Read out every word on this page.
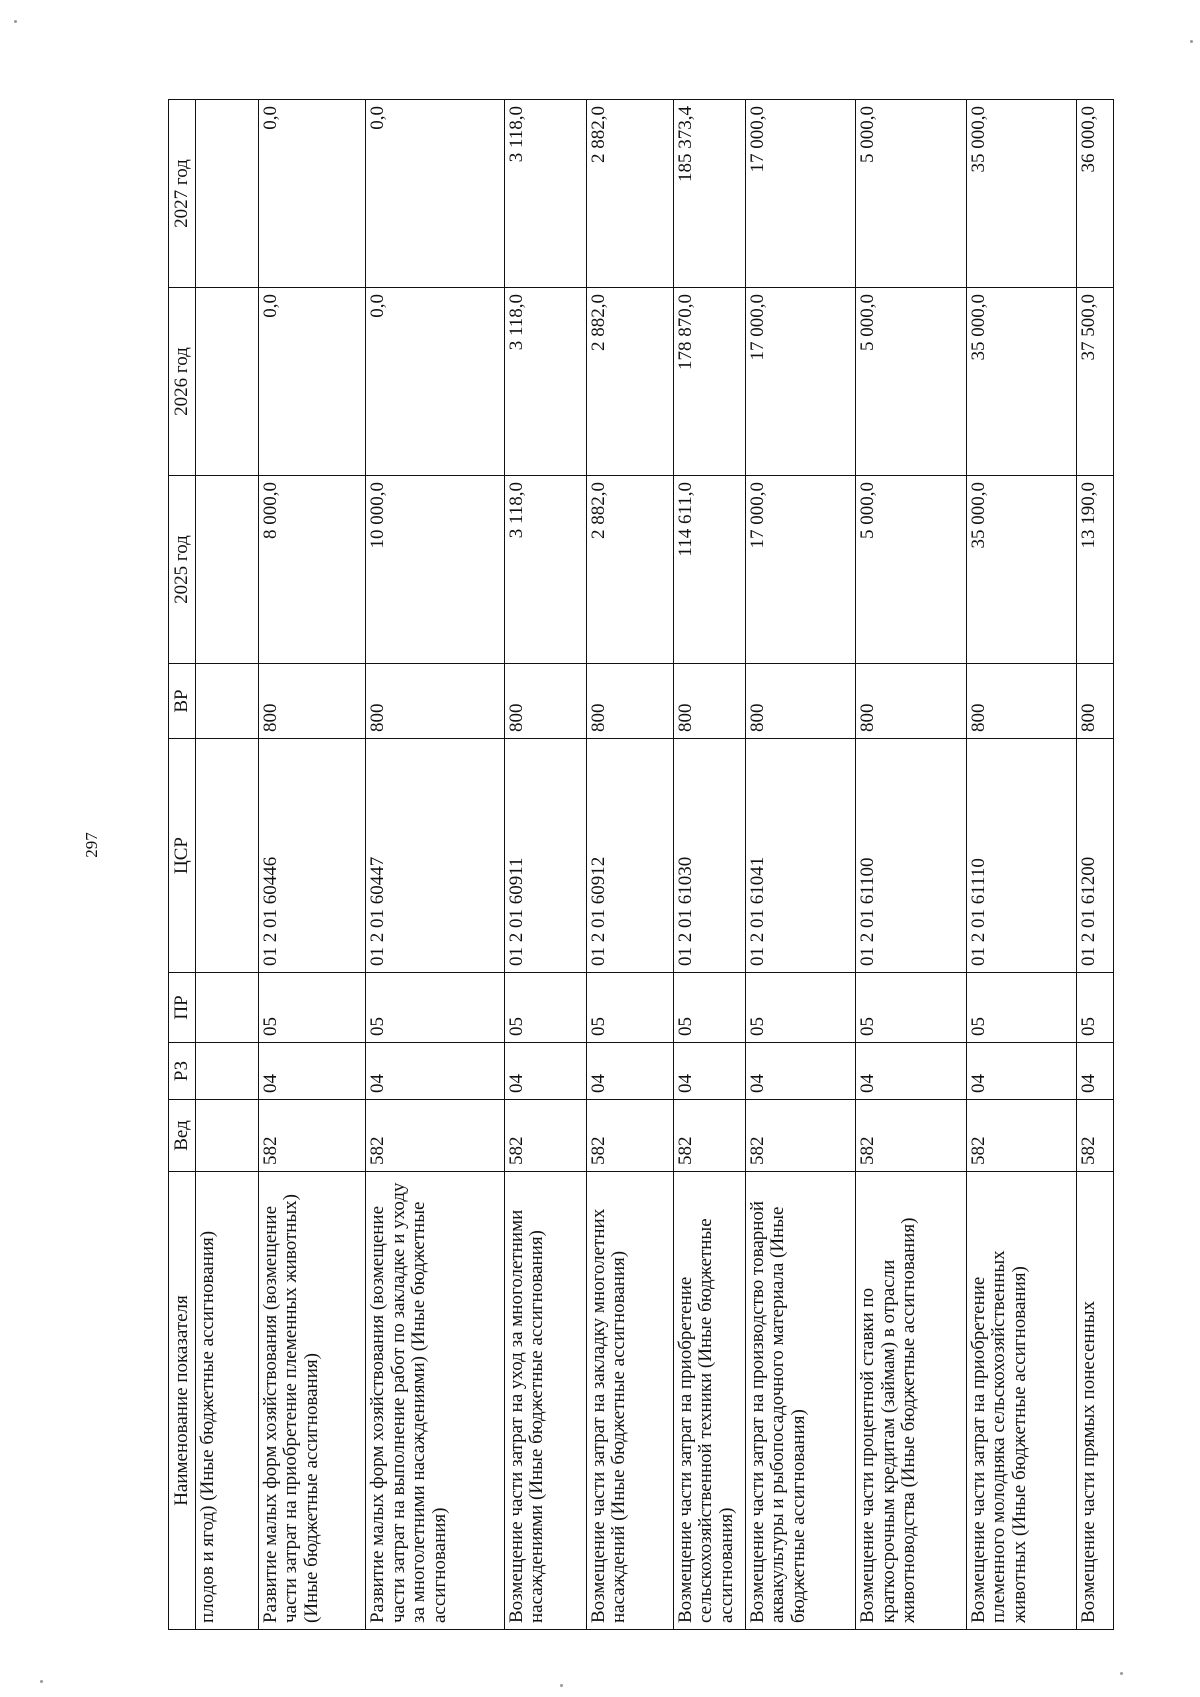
297
Наименование показателя	Вед	РЗ	ПР	ЦСР	ВР	2025 год	2026 год	2027 год
плодов и ягод) (Иные бюджетные ассигнования)								
Развитие малых форм хозяйствования (возмещение части затрат на приобретение племенных животных) (Иные бюджетные ассигнования)	582	04	05	01 2 01 60446	800	8 000,0	0,0	0,0
Развитие малых форм хозяйствования (возмещение части затрат на выполнение работ по закладке и уходу за многолетними насаждениями) (Иные бюджетные ассигнования)	582	04	05	01 2 01 60447	800	10 000,0	0,0	0,0
Возмещение части затрат на уход за многолетними насаждениями (Иные бюджетные ассигнования)	582	04	05	01 2 01 60911	800	3 118,0	3 118,0	3 118,0
Возмещение части затрат на закладку многолетних насаждений (Иные бюджетные ассигнования)	582	04	05	01 2 01 60912	800	2 882,0	2 882,0	2 882,0
Возмещение части затрат на приобретение сельскохозяйственной техники (Иные бюджетные ассигнования)	582	04	05	01 2 01 61030	800	114 611,0	178 870,0	185 373,4
Возмещение части затрат на производство товарной аквакультуры и рыбопосадочного материала (Иные бюджетные ассигнования)	582	04	05	01 2 01 61041	800	17 000,0	17 000,0	17 000,0
Возмещение части процентной ставки по краткосрочным кредитам (займам) в отрасли животноводства (Иные бюджетные ассигнования)	582	04	05	01 2 01 61100	800	5 000,0	5 000,0	5 000,0
Возмещение части затрат на приобретение племенного молодняка сельскохозяйственных животных (Иные бюджетные ассигнования)	582	04	05	01 2 01 61110	800	35 000,0	35 000,0	35 000,0
Возмещение части прямых понесенных	582	04	05	01 2 01 61200	800	13 190,0	37 500,0	36 000,0
